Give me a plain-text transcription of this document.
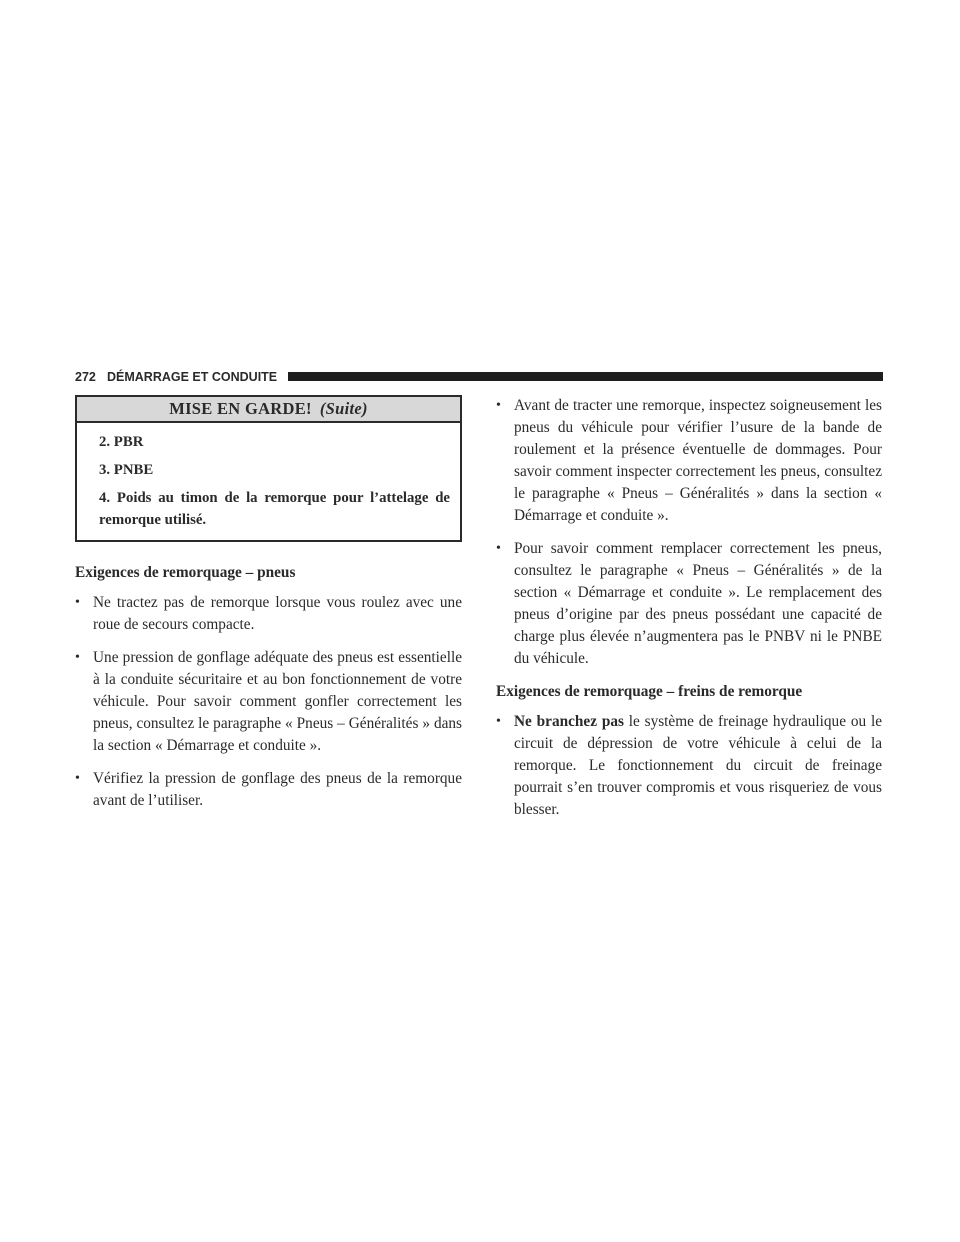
272 DÉMARRAGE ET CONDUITE
MISE EN GARDE! (Suite)

2. PBR

3. PNBE

4. Poids au timon de la remorque pour l’attelage de remorque utilisé.

Exigences de remorquage – pneus
• Ne tractez pas de remorque lorsque vous roulez avec une roue de secours compacte.
• Une pression de gonflage adéquate des pneus est essentielle à la conduite sécuritaire et au bon fonctionnement de votre véhicule. Pour savoir comment gonfler correctement les pneus, consultez le paragraphe « Pneus – Généralités » dans la section « Démarrage et conduite ».
• Vérifiez la pression de gonflage des pneus de la remorque avant de l’utiliser.
• Avant de tracter une remorque, inspectez soigneusement les pneus du véhicule pour vérifier l’usure de la bande de roulement et la présence éventuelle de dommages. Pour savoir comment inspecter correctement les pneus, consultez le paragraphe « Pneus – Généralités » dans la section « Démarrage et conduite ».
• Pour savoir comment remplacer correctement les pneus, consultez le paragraphe « Pneus – Généralités » de la section « Démarrage et conduite ». Le remplacement des pneus d’origine par des pneus possédant une capacité de charge plus élevée n’augmentera pas le PNBV ni le PNBE du véhicule.
Exigences de remorquage – freins de remorque
• Ne branchez pas le système de freinage hydraulique ou le circuit de dépression de votre véhicule à celui de la remorque. Le fonctionnement du circuit de freinage pourrait s’en trouver compromis et vous risqueriez de vous blesser.
